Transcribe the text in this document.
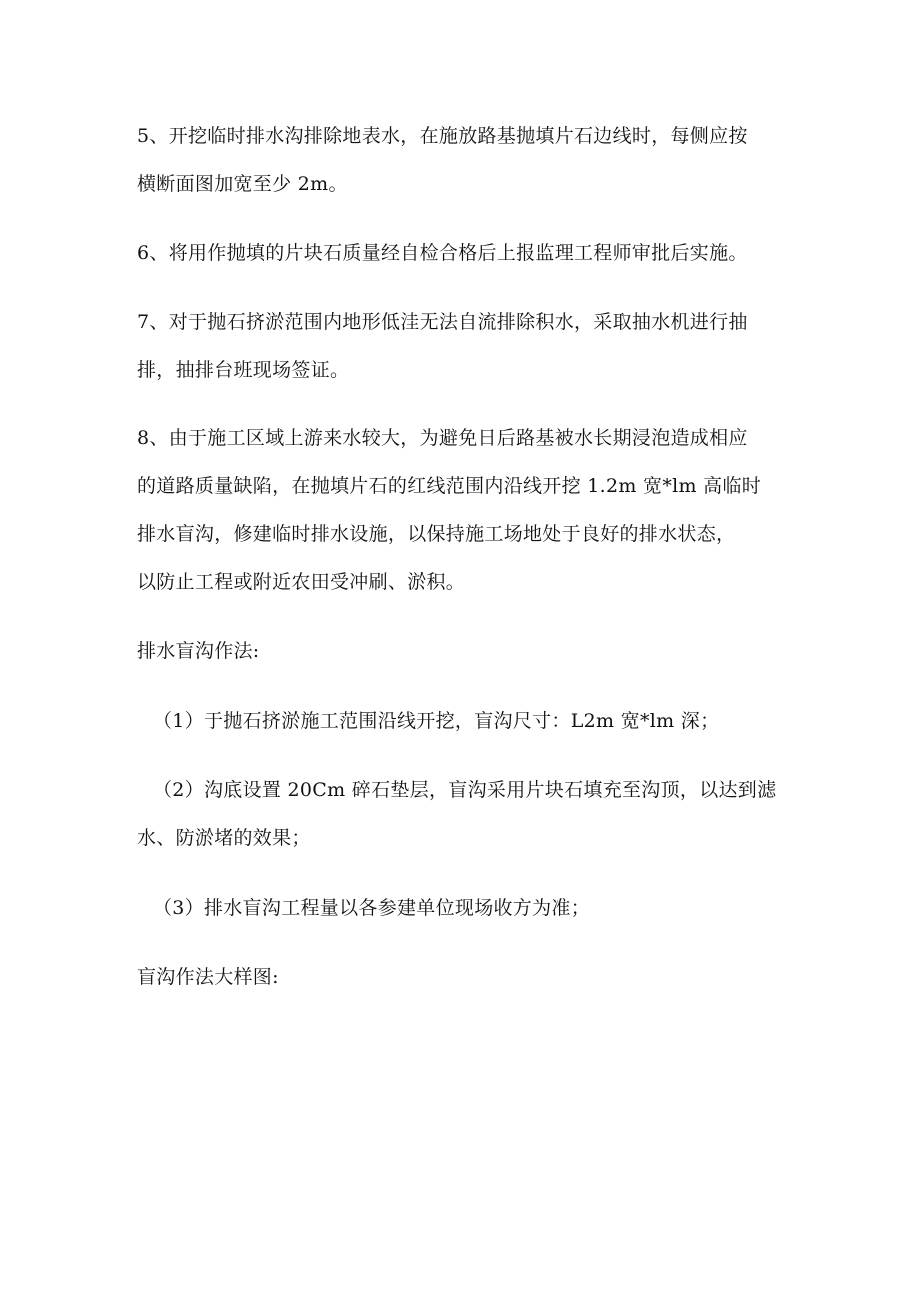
5、开挖临时排水沟排除地表水，在施放路基抛填片石边线时，每侧应按
横断面图加宽至少 2m。
6、将用作抛填的片块石质量经自检合格后上报监理工程师审批后实施。
7、对于抛石挤淤范围内地形低洼无法自流排除积水，采取抽水机进行抽
排，抽排台班现场签证。
8、由于施工区域上游来水较大，为避免日后路基被水长期浸泡造成相应
的道路质量缺陷，在抛填片石的红线范围内沿线开挖 1.2m 宽*lm 高临时
排水盲沟，修建临时排水设施，以保持施工场地处于良好的排水状态，
以防止工程或附近农田受冲刷、淤积。
排水盲沟作法:
（1）于抛石挤淤施工范围沿线开挖，盲沟尺寸：L2m 宽*lm 深；
（2）沟底设置 20Cm 碎石垫层，盲沟采用片块石填充至沟顶，以达到滤
水、防淤堵的效果；
（3）排水盲沟工程量以各参建单位现场收方为准；
盲沟作法大样图:
